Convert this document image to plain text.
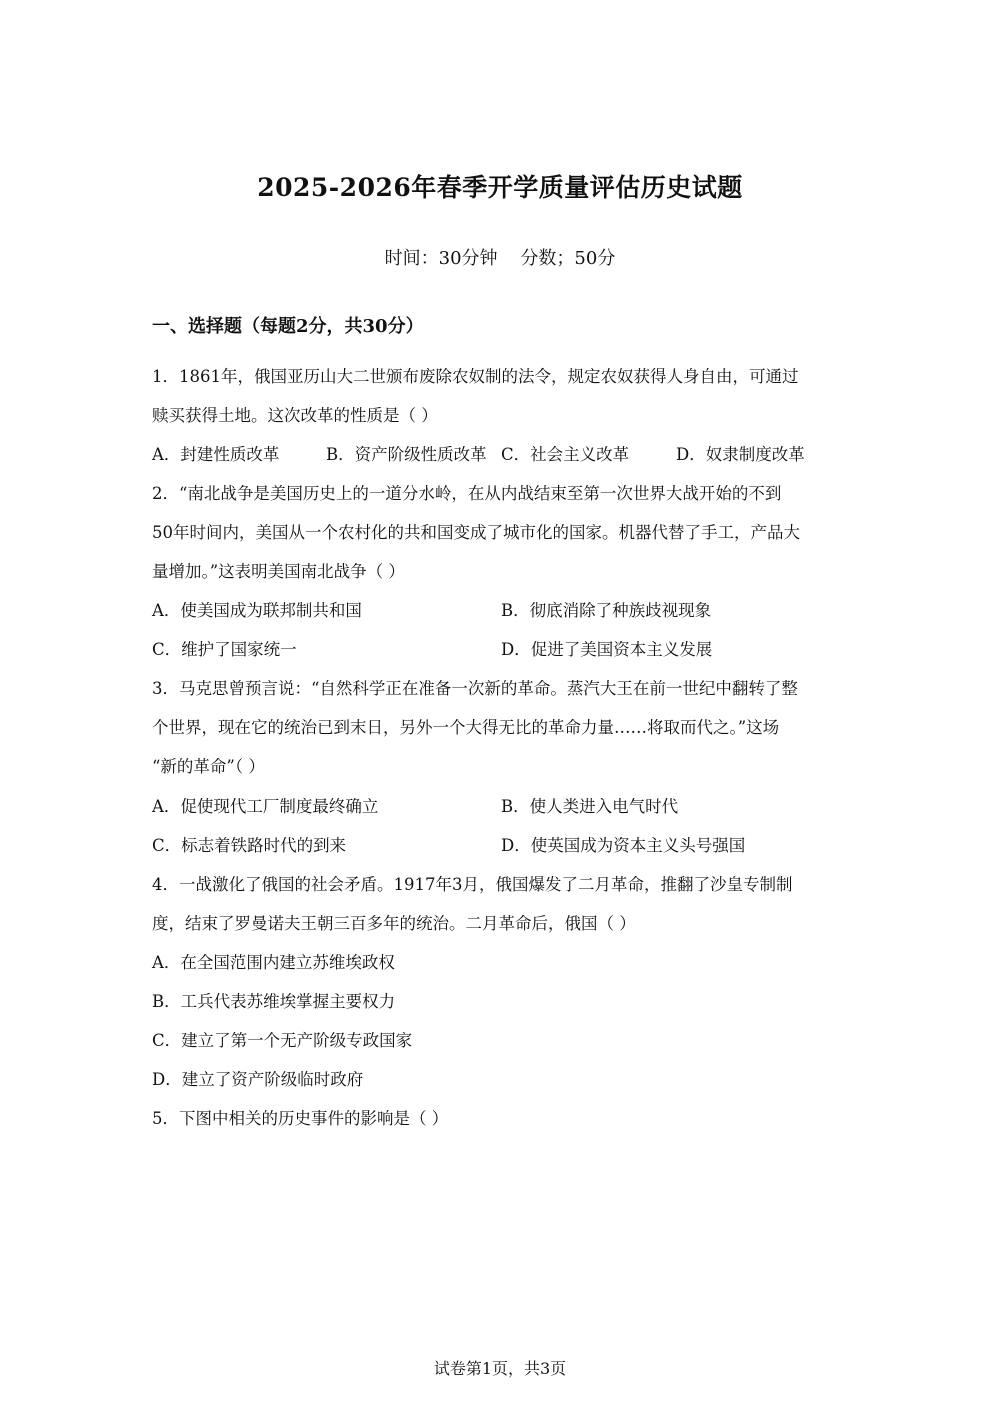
2025-2026年春季开学质量评估历史试题
时间：30分钟    分数；50分
一、选择题（每题2分，共30分）
1．1861年，俄国亚历山大二世颁布废除农奴制的法令，规定农奴获得人身自由，可通过
赎买获得土地。这次改革的性质是（ ）
A．封建性质改革	B．资产阶级性质改革 C．社会主义改革	D．奴隶制度改革
2．“南北战争是美国历史上的一道分水岭，在从内战结束至第一次世界大战开始的不到
50年时间内，美国从一个农村化的共和国变成了城市化的国家。机器代替了手工，产品大
量增加。”这表明美国南北战争（ ）
A．使美国成为联邦制共和国	B．彻底消除了种族歧视现象
C．维护了国家统一	D．促进了美国资本主义发展
3．马克思曾预言说：“自然科学正在准备一次新的革命。蒸汽大王在前一世纪中翻转了整
个世界，现在它的统治已到末日，另外一个大得无比的革命力量……将取而代之。”这场
“新的革命”（ ）
A．促使现代工厂制度最终确立	B．使人类进入电气时代
C．标志着铁路时代的到来	D．使英国成为资本主义头号强国
4．一战激化了俄国的社会矛盾。1917年3月，俄国爆发了二月革命，推翻了沙皇专制制
度，结束了罗曼诺夫王朝三百多年的统治。二月革命后，俄国（ ）
A．在全国范围内建立苏维埃政权
B．工兵代表苏维埃掌握主要权力
C．建立了第一个无产阶级专政国家
D．建立了资产阶级临时政府
5．下图中相关的历史事件的影响是（ ）
试卷第1页，共3页
